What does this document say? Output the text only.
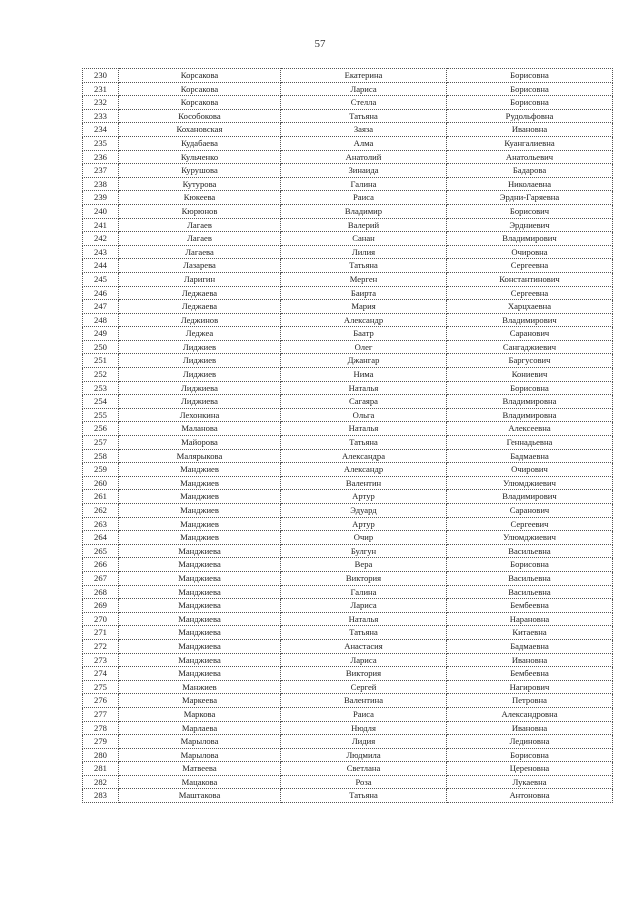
57
230	Корсакова	Екатерина	Борисовна
231	Корсакова	Лариса	Борисовна
232	Корсакова	Стелла	Борисовна
233	Кособокова	Татьяна	Рудольфовна
234	Кохановская	Заяза	Ивановна
235	Кудабаева	Алма	Куангалиевна
236	Кульченко	Анатолий	Анатольевич
237	Курушова	Зинаида	Бадарова
238	Кутурова	Галина	Николаевна
239	Кюкеева	Раиса	Эрдни-Гаряевна
240	Кюрюнов	Владимир	Борисович
241	Лагаев	Валерий	Эрдниевич
242	Лагаев	Санан	Владимирович
243	Лагаева	Лилия	Очировна
244	Лазарева	Татьяна	Сергеевна
245	Ларигин	Мерген	Константинович
246	Леджаева	Баирта	Сергеевна
247	Леджаева	Мария	Харцхаевна
248	Леджинов	Александр	Владимирович
249	Леджеа	Баатр	Саранович
250	Лиджиев	Олег	Сангаджиевич
251	Лиджиев	Джангар	Баргусович
252	Лиджиев	Нима	Кониевич
253	Лиджиева	Наталья	Борисовна
254	Лиджиева	Сагаяра	Владимировна
255	Лехонкина	Ольга	Владимировна
256	Маланова	Наталья	Алексеевна
257	Майорова	Татьяна	Геннадьевна
258	Малярыкова	Александра	Бадмаевна
259	Манджиев	Александр	Очирович
260	Манджиев	Валентин	Улюмджиевич
261	Манджиев	Артур	Владимирович
262	Манджиев	Эдуард	Саранович
263	Манджиев	Артур	Сергеевич
264	Манджиев	Очир	Улюмджиевич
265	Манджиева	Булгун	Васильевна
266	Манджиева	Вера	Борисовна
267	Манджиева	Виктория	Васильевна
268	Манджиева	Галина	Васильевна
269	Манджиева	Лариса	Бембеевна
270	Манджиева	Наталья	Нарановна
271	Манджиева	Татьяна	Китаевна
272	Манджиева	Анастасия	Бадмаевна
273	Манджиева	Лариса	Ивановна
274	Манджиева	Виктория	Бембеевна
275	Манжиев	Сергей	Нагирович
276	Маркеева	Валентина	Петровна
277	Маркова	Раиса	Александровна
278	Марлаева	Нюдля	Ивановна
279	Марылова	Лидия	Лединовна
280	Марылова	Людмила	Борисовна
281	Матвеева	Светлана	Цереновна
282	Мацакова	Роза	Лукаевна
283	Маштакова	Татьяна	Антоновна
